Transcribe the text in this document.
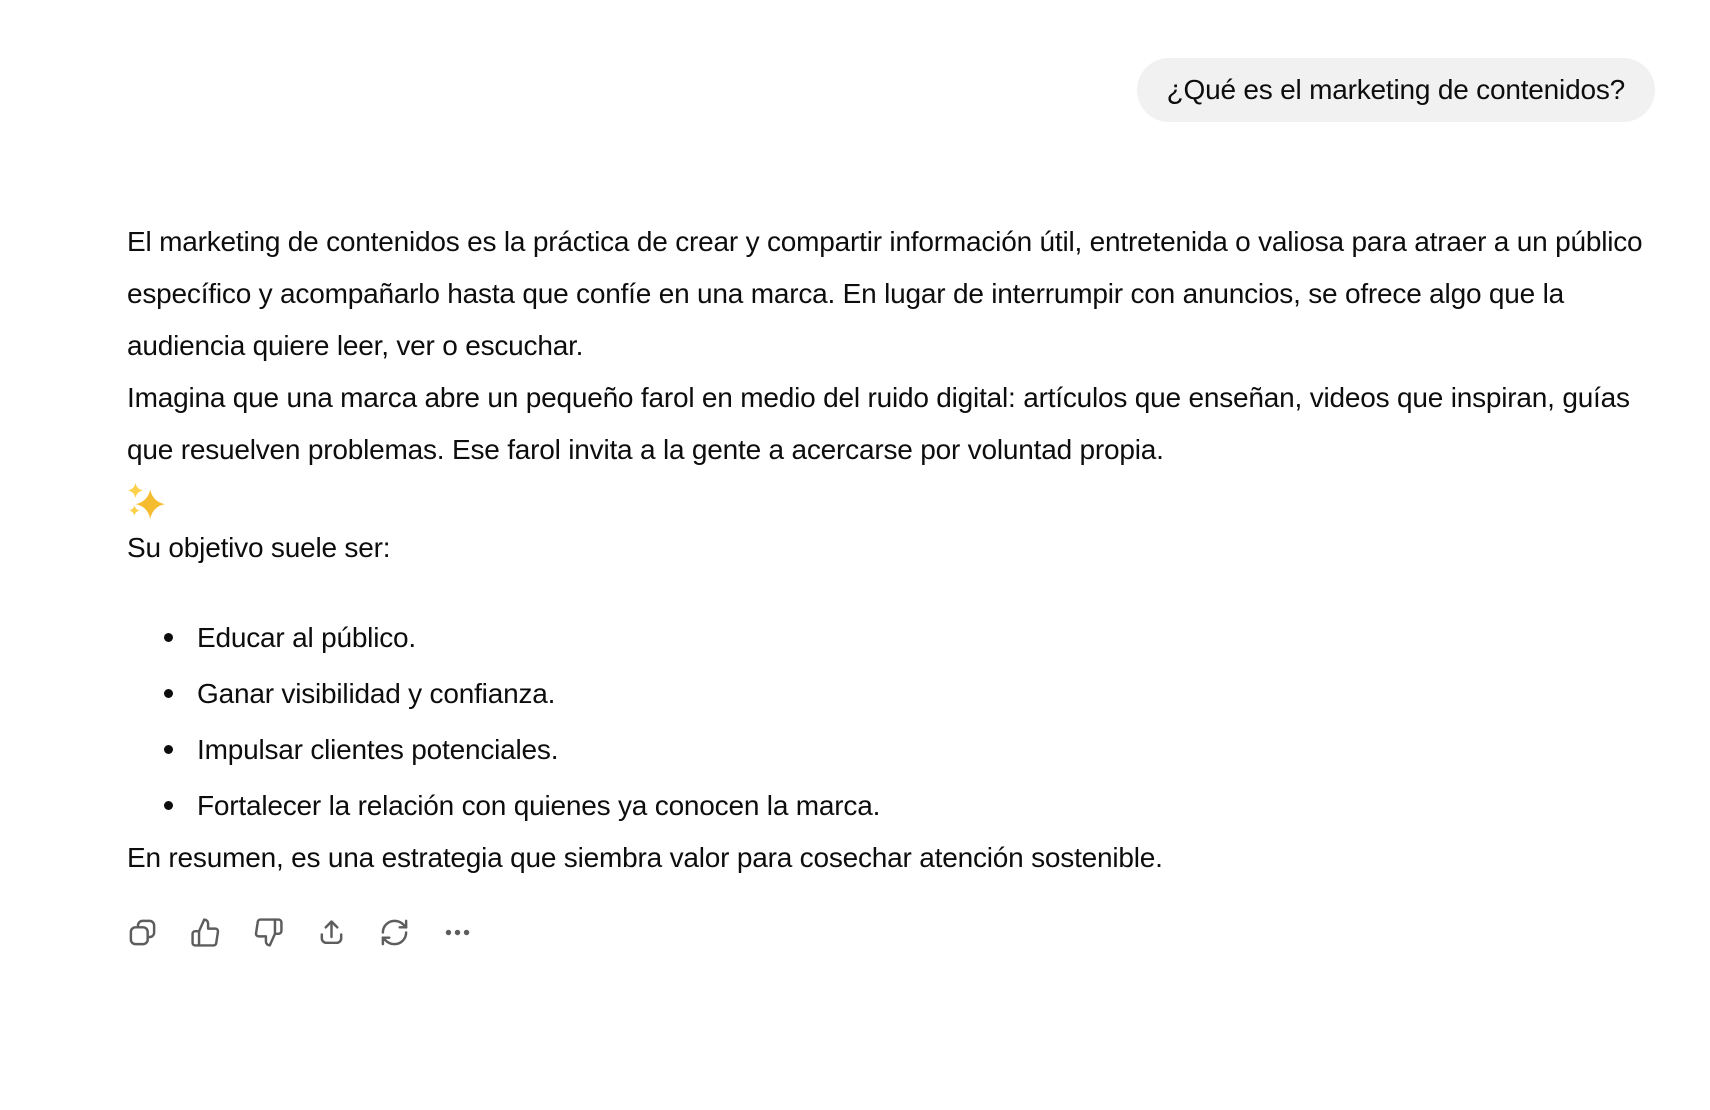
¿Qué es el marketing de contenidos?

El marketing de contenidos es la práctica de crear y compartir información útil, entretenida o valiosa para atraer a un público específico y acompañarlo hasta que confíe en una marca. En lugar de interrumpir con anuncios, se ofrece algo que la audiencia quiere leer, ver o escuchar.

Imagina que una marca abre un pequeño farol en medio del ruido digital: artículos que enseñan, videos que inspiran, guías que resuelven problemas. Ese farol invita a la gente a acercarse por voluntad propia.

Su objetivo suele ser:

Educar al público.
Ganar visibilidad y confianza.
Impulsar clientes potenciales.
Fortalecer la relación con quienes ya conocen la marca.

En resumen, es una estrategia que siembra valor para cosechar atención sostenible.
